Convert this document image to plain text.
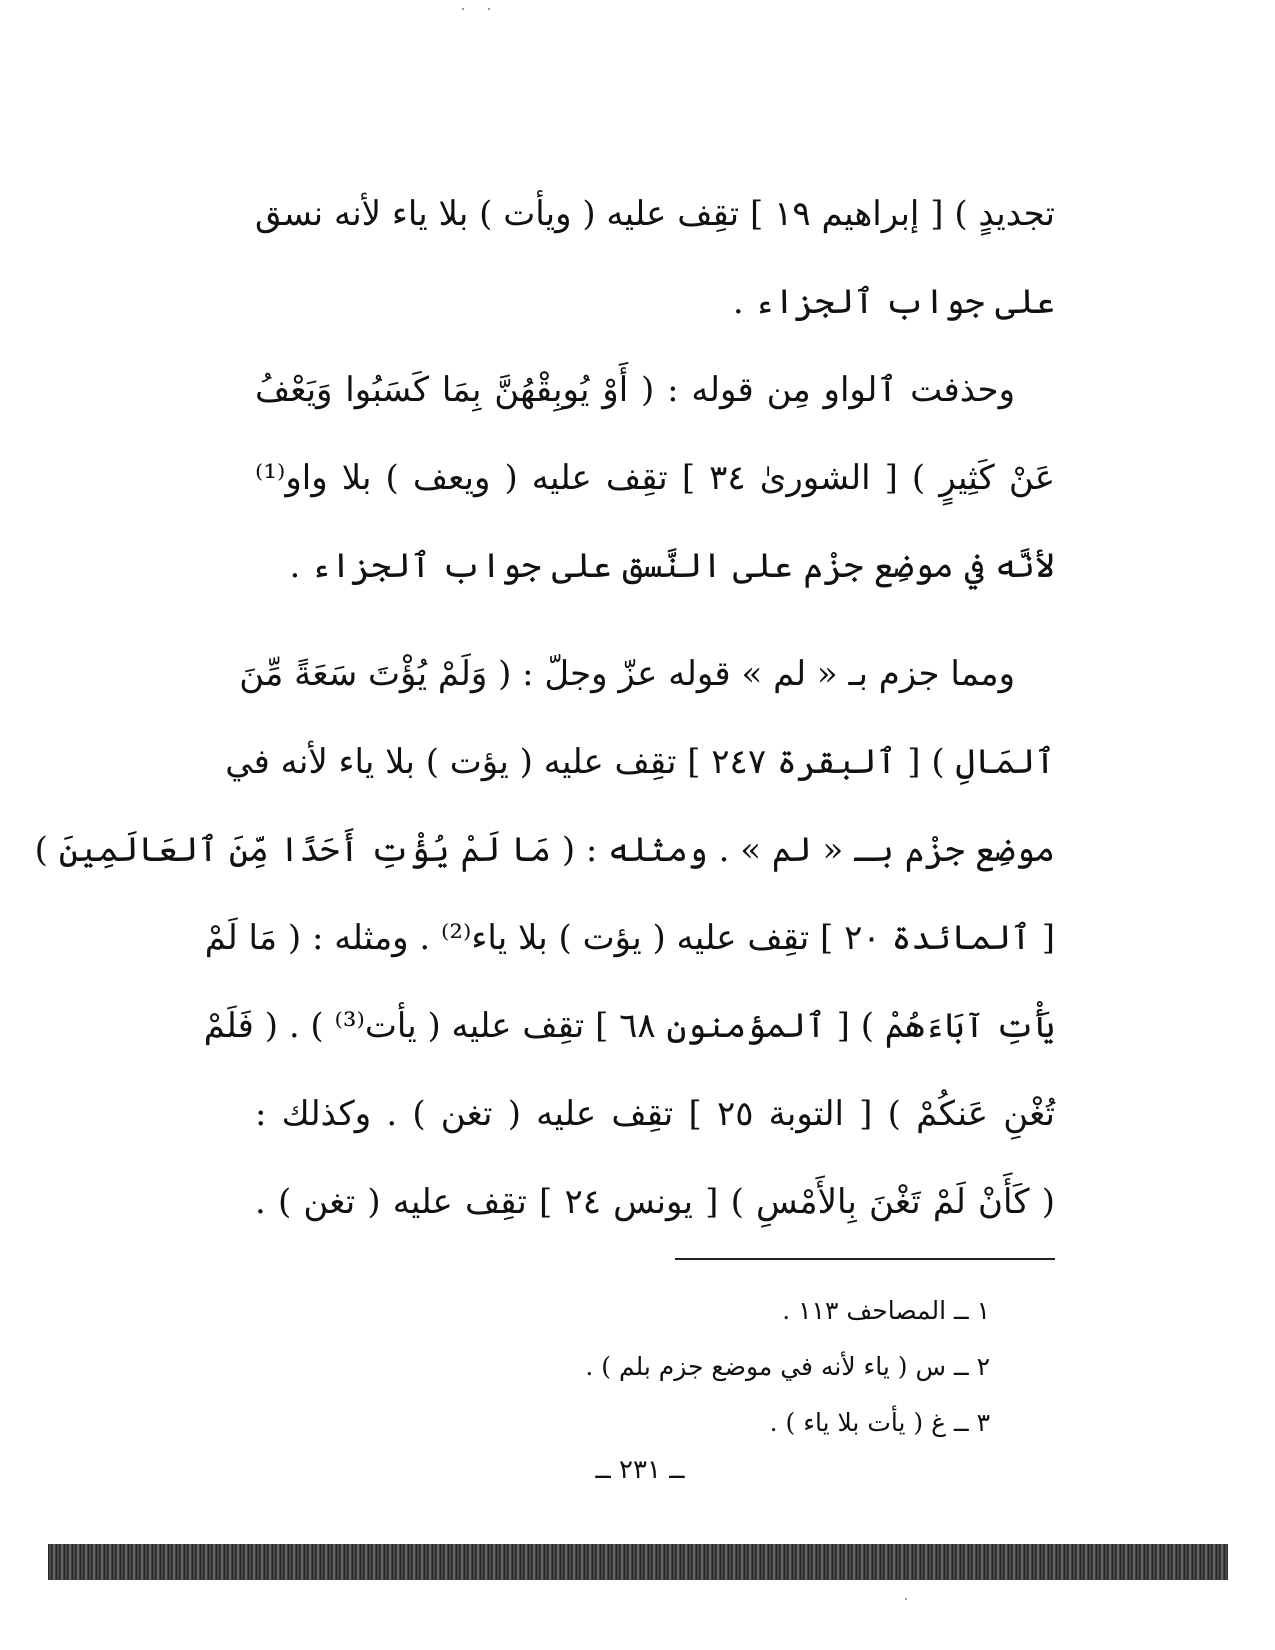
تجديدٍ ) [ إبراهيم ١٩ ] تقِف عليه ( ويأت ) بلا ياء لأنه نسق
على جواب ٱلجزاء .
وحذفت ٱلواو مِن قوله : ( أَوْ يُوبِقْهُنَّ بِمَا كَسَبُوا وَيَعْفُ
عَنْ كَثِيرٍ ) [ الشورىٰ ٣٤ ] تقِف عليه ( ويعف ) بلا واو⁽¹⁾
لأنَّه في موضِع جزْم على النَّسق على جواب ٱلجزاء .
ومما جزم بـ « لم » قوله عزّ وجلّ : ( وَلَمْ يُؤْتَ سَعَةً مِّنَ
ٱلمَالِ ) [ ٱلبقرة ٢٤٧ ] تقِف عليه ( يؤت ) بلا ياء لأنه في
موضِع جزْم بـ « لم » . ومثله : ( مَا لَمْ يُؤْتِ أَحَدًا مِّنَ ٱلعَالَمِينَ )
[ ٱلمائدة ٢٠ ] تقِف عليه ( يؤت ) بلا ياء⁽²⁾ . ومثله : ( مَا لَمْ
يَأْتِ آبَاءَهُمْ ) [ ٱلمؤمنون ٦٨ ] تقِف عليه ( يأت⁽³⁾ ) . ( فَلَمْ
تُغْنِ عَنكُمْ ) [ التوبة ٢٥ ] تقِف عليه ( تغن ) . وكذلك :
( كَأَنْ لَمْ تَغْنَ بِالأَمْسِ ) [ يونس ٢٤ ] تقِف عليه ( تغن ) .
١ ــ المصاحف ١١٣ .
٢ ــ س ( ياء لأنه في موضع جزم بلم ) .
٣ ــ غ ( يأت بلا ياء ) .
ــ ٢٣١ ــ
